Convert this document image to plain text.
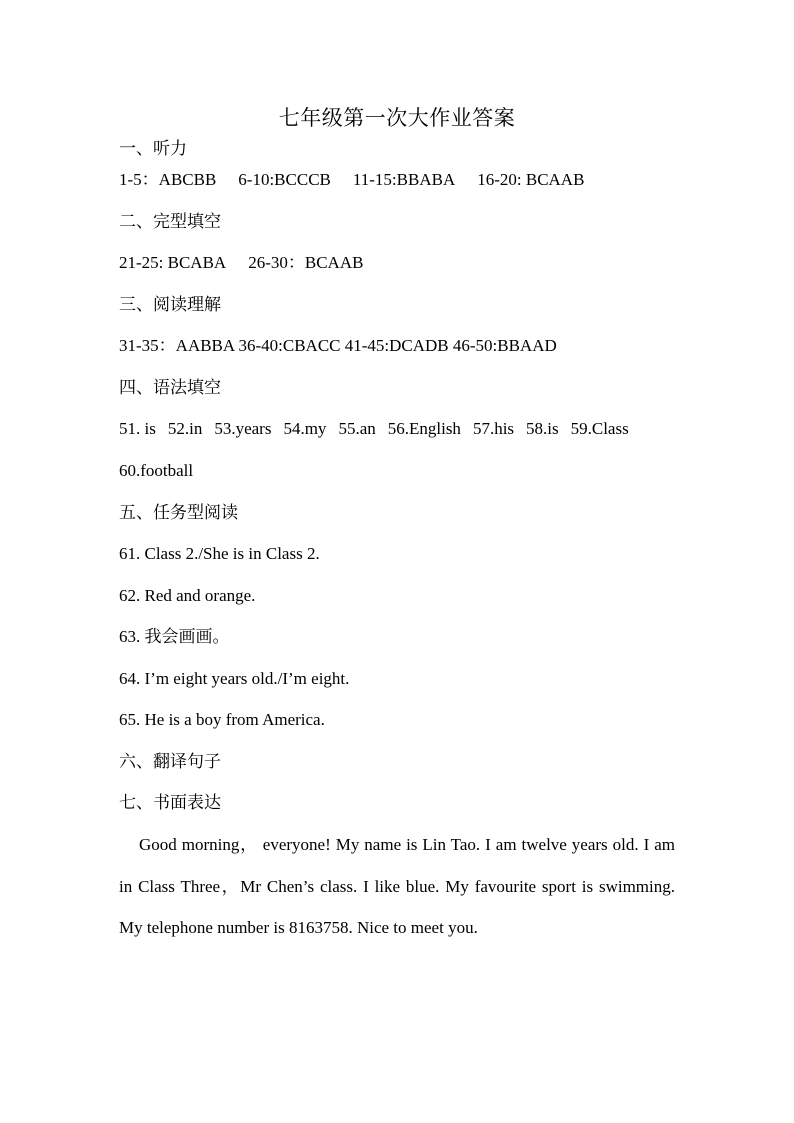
七年级第一次大作业答案
一、听力
1-5：ABCBB 6-10:BCCCB 11-15:BBABA 16-20: BCAAB
二、完型填空
21-25: BCABA 26-30：BCAAB
三、阅读理解
31-35：AABBA 36-40:CBACC 41-45:DCADB 46-50:BBAAD
四、语法填空
51. is 52.in 53.years 54.my 55.an 56.English 57.his 58.is 59.Class
60.football
五、任务型阅读
61. Class 2./She is in Class 2.
62. Red and orange.
63. 我会画画。
64. I’m eight years old./I’m eight.
65. He is a boy from America.
六、翻译句子
七、书面表达
Good morning， everyone! My name is Lin Tao. I am twelve years old. I am in Class Three，Mr Chen’s class. I like blue. My favourite sport is swimming. My telephone number is 8163758. Nice to meet you.
